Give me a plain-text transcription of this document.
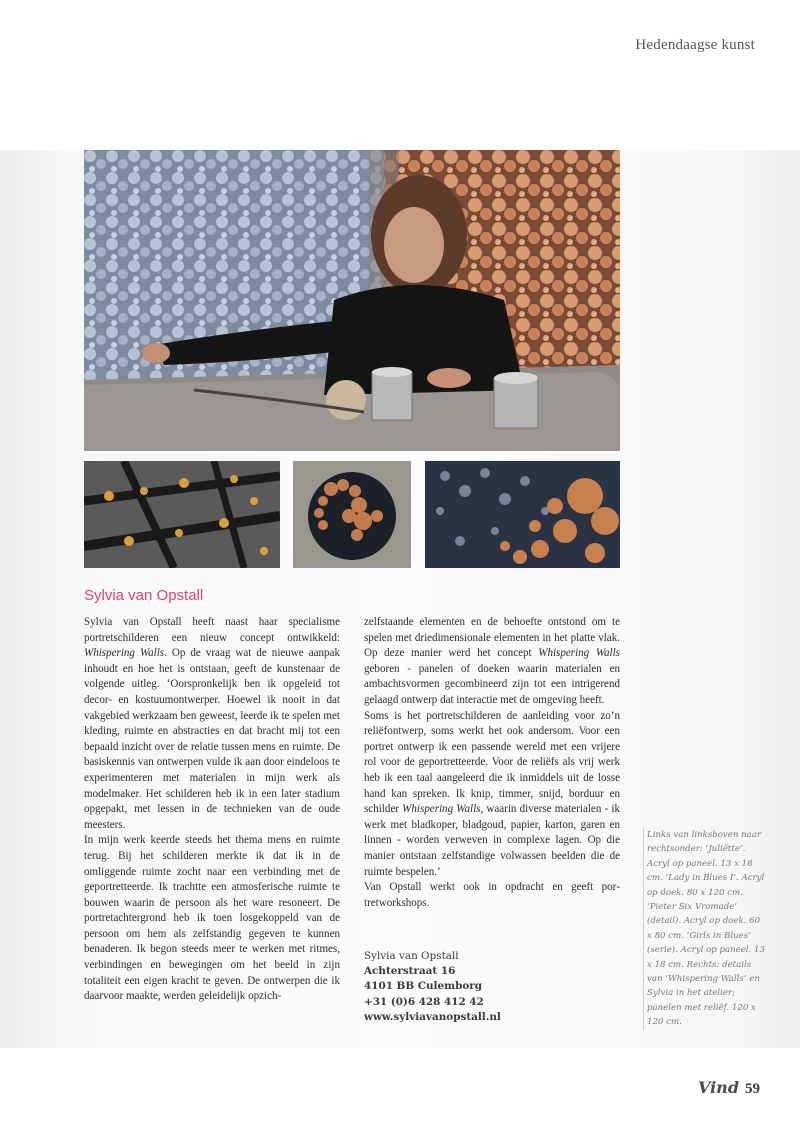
Hedendaagse kunst
Sylvia van Opstall

Sylvia van Opstall heeft naast haar specialisme portretschilderen een nieuw concept ontwikkeld: Whispering Walls. Op de vraag wat de nieuwe aanpak inhoudt en hoe het is ontstaan, geeft de kunstenaar de volgende uitleg. ‘Oorspronkelijk ben ik opgeleid tot decor- en kostuumontwerper. Hoewel ik nooit in dat vakgebied werkzaam ben geweest, leerde ik te spelen met kleding, ruimte en abstracties en dat bracht mij tot een bepaald inzicht over de relatie tussen mens en ruimte. De basiskennis van ontwerpen vulde ik aan door eindeloos te experimenteren met materialen in mijn werk als modelmaker. Het schilderen heb ik in een later stadium opgepakt, met lessen in de technieken van de oude meesters.

In mijn werk keerde steeds het thema mens en ruimte terug. Bij het schilderen merkte ik dat ik in de omliggende ruimte zocht naar een verbinding met de geportretteerde. Ik trachtte een atmosferische ruimte te bouwen waarin de persoon als het ware resoneert. De portretachtergrond heb ik toen losgekoppeld van de persoon om hem als zelfstandig gegeven te kunnen benaderen. Ik begon steeds meer te werken met ritmes, verbindingen en bewegingen om het beeld in zijn totaliteit een eigen kracht te geven. De ontwerpen die ik daarvoor maakte, werden geleidelijk opzich-

zelfstaande elementen en de behoefte ontstond om te spelen met driedimensionale elementen in het platte vlak. Op deze manier werd het concept Whispering Walls geboren - panelen of doeken waarin materialen en ambachtsvormen gecombineerd zijn tot een intrigerend gelaagd ontwerp dat interactie met de omgeving heeft.

Soms is het portretschilderen de aanleiding voor zo’n reliëfontwerp, soms werkt het ook andersom. Voor een portret ontwerp ik een passende wereld met een vrijere rol voor de geportretteerde. Voor de reliëfs als vrij werk heb ik een taal aangeleerd die ik inmiddels uit de losse hand kan spreken. Ik knip, timmer, snijd, borduur en schilder Whispering Walls, waarin diverse materialen - ik werk met bladkoper, bladgoud, papier, karton, garen en linnen - worden verweven in complexe lagen. Op die manier ontstaan zelfstandige volwassen beelden die de ruimte bespelen.’

Van Opstall werkt ook in opdracht en geeft portretworkshops.

Sylvia van Opstall
Achterstraat 16
4101 BB Culemborg
+31 (0)6 428 412 42
www.sylviavanopstall.nl
Links van linksboven naar rechtsonder: ‘Juliëtte’. Acryl op paneel. 13 x 18 cm. ‘Lady in Blues I’. Acryl op doek. 80 x 120 cm. ‘Pieter Six Vromade’ (detail). Acryl op doek. 60 x 80 cm. ‘Girls in Blues’ (serie). Acryl op paneel. 13 x 18 cm. Rechts: details van ‘Whispering Walls’ en Sylvia in het atelier; panelen met reliëf. 120 x 120 cm.
Vind 59
